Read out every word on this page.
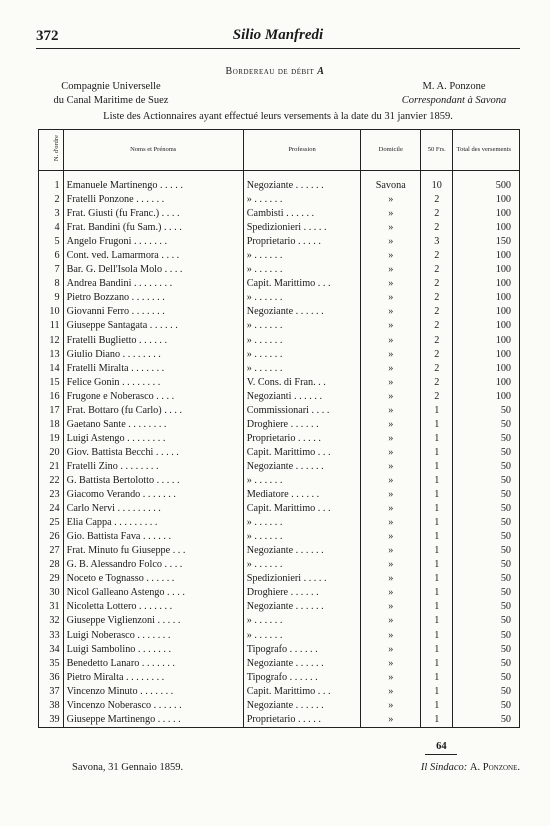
372	Silio Manfredi
Bordereau de débit A
Compagnie Universelle
du Canal Maritime de Suez
M. A. Ponzone
Correspondant à Savona
Liste des Actionnaires ayant effectué leurs versements à la date du 31 janvier 1859.
N. d'ordre	Noms et Prénoms	Profession	Domicile	50 Frs.	Total des versements

1	Emanuele Martinengo . . . . .	Negoziante . . . . . .	Savona	10	500
2	Fratelli Ponzone . . . . . .	» . . . . . .	»	2	100
3	Frat. Giusti (fu Franc.) . . . .	Cambisti . . . . . .	»	2	100
4	Frat. Bandini (fu Sam.) . . . .	Spedizionieri . . . . .	»	2	100
5	Angelo Frugoni . . . . . . .	Proprietario . . . . .	»	3	150
6	Cont. ved. Lamarmora . . . .	» . . . . . .	»	2	100
7	Bar. G. Dell'Isola Molo . . . .	» . . . . . .	»	2	100
8	Andrea Bandini . . . . . . . .	Capit. Marittimo . . .	»	2	100
9	Pietro Bozzano . . . . . . .	» . . . . . .	»	2	100
10	Giovanni Ferro . . . . . . .	Negoziante . . . . . .	»	2	100
11	Giuseppe Santagata . . . . . .	» . . . . . .	»	2	100
12	Fratelli Buglietto . . . . . .	» . . . . . .	»	2	100
13	Giulio Diano . . . . . . . .	» . . . . . .	»	2	100
14	Fratelli Miralta . . . . . . .	» . . . . . .	»	2	100
15	Felice Gonin . . . . . . . .	V. Cons. di Fran. . .	»	2	100
16	Frugone e Noberasco . . . .	Negozianti . . . . . .	»	2	100
17	Frat. Bottaro (fu Carlo) . . . .	Commissionari . . . .	»	1	50
18	Gaetano Sante . . . . . . . .	Droghiere . . . . . .	»	1	50
19	Luigi Astengo . . . . . . . .	Proprietario . . . . .	»	1	50
20	Giov. Battista Becchi . . . . .	Capit. Marittimo . . .	»	1	50
21	Fratelli Zino . . . . . . . .	Negoziante . . . . . .	»	1	50
22	G. Battista Bertolotto . . . . .	» . . . . . .	»	1	50
23	Giacomo Verando . . . . . . .	Mediatore . . . . . .	»	1	50
24	Carlo Nervi . . . . . . . . .	Capit. Marittimo . . .	»	1	50
25	Elia Cappa . . . . . . . . .	» . . . . . .	»	1	50
26	Gio. Battista Fava . . . . . .	» . . . . . .	»	1	50
27	Frat. Minuto fu Giuseppe . . .	Negoziante . . . . . .	»	1	50
28	G. B. Alessandro Folco . . . .	» . . . . . .	»	1	50
29	Noceto e Tognasso . . . . . .	Spedizionieri . . . . .	»	1	50
30	Nicol Galleano Astengo . . . .	Droghiere . . . . . .	»	1	50
31	Nicoletta Lottero . . . . . . .	Negoziante . . . . . .	»	1	50
32	Giuseppe Viglienzoni . . . . .	» . . . . . .	»	1	50
33	Luigi Noberasco . . . . . . .	» . . . . . .	»	1	50
34	Luigi Sambolino . . . . . . .	Tipografo . . . . . .	»	1	50
35	Benedetto Lanaro . . . . . . .	Negoziante . . . . . .	»	1	50
36	Pietro Miralta . . . . . . . .	Tipografo . . . . . .	»	1	50
37	Vincenzo Minuto . . . . . . .	Capit. Marittimo . . .	»	1	50
38	Vincenzo Noberasco . . . . . .	Negoziante . . . . . .	»	1	50
39	Giuseppe Martinengo . . . . .	Proprietario . . . . .	»	1	50
				64	
Savona, 31 Gennaio 1859.	Il Sindaco: A. Ponzone.
